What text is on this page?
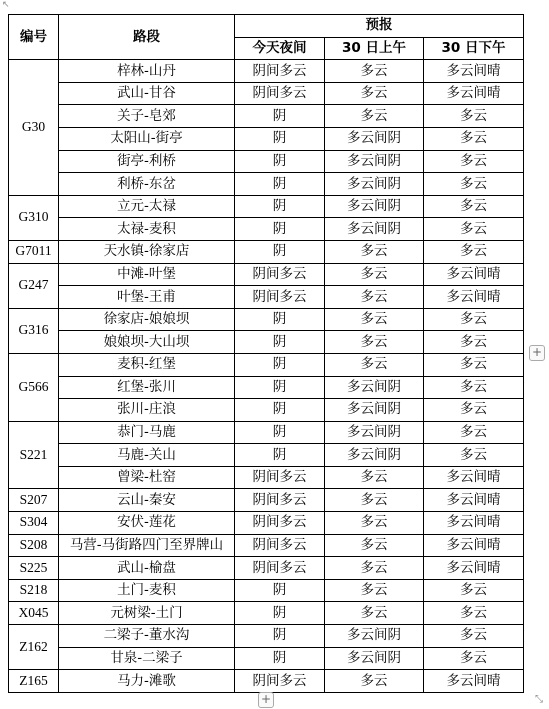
↖
编号	路段	预报		
		今天夜间	30 日上午	30 日下午
G30	梓林-山丹	阴间多云	多云	多云间晴
	武山-甘谷	阴间多云	多云	多云间晴
	关子-皂郊	阴	多云	多云
	太阳山-街亭	阴	多云间阴	多云
	街亭-利桥	阴	多云间阴	多云
	利桥-东岔	阴	多云间阴	多云
G310	立元-太禄	阴	多云间阴	多云
	太禄-麦积	阴	多云间阴	多云
G7011	天水镇-徐家店	阴	多云	多云
G247	中滩-叶堡	阴间多云	多云	多云间晴
	叶堡-王甫	阴间多云	多云	多云间晴
G316	徐家店-娘娘坝	阴	多云	多云
	娘娘坝-大山坝	阴	多云	多云
G566	麦积-红堡	阴	多云	多云
	红堡-张川	阴	多云间阴	多云
	张川-庄浪	阴	多云间阴	多云
S221	恭门-马鹿	阴	多云间阴	多云
	马鹿-关山	阴	多云间阴	多云
	曾梁-杜窑	阴间多云	多云	多云间晴
S207	云山-秦安	阴间多云	多云	多云间晴
S304	安伏-莲花	阴间多云	多云	多云间晴
S208	马营-马街路四门至界牌山	阴间多云	多云	多云间晴
S225	武山-榆盘	阴间多云	多云	多云间晴
S218	土门-麦积	阴	多云	多云
X045	元树梁-土门	阴	多云	多云
Z162	二梁子-董水沟	阴	多云间阴	多云
	甘泉-二梁子	阴	多云间阴	多云
Z165	马力-滩歌	阴间多云	多云	多云间晴
+
+	⤡
